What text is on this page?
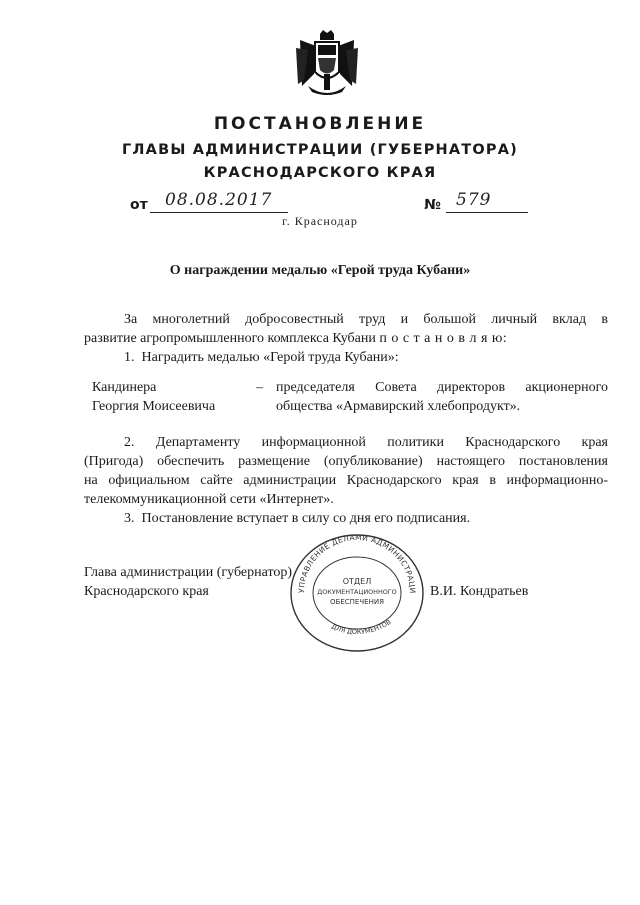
ПОСТАНОВЛЕНИЕ
ГЛАВЫ АДМИНИСТРАЦИИ (ГУБЕРНАТОРА)
КРАСНОДАРСКОГО КРАЯ
от 08.08.2017	№ 579
г. Краснодар
О награждении медалью «Герой труда Кубани»
За многолетний добросовестный труд и большой личный вклад в
развитие агропромышленного комплекса Кубани п о с т а н о в л я ю:
1.  Наградить медалью «Герой труда Кубани»:
Кандинера
Георгия Моисеевича
– председателя Совета директоров акционерного
общества «Армавирский хлебопродукт».
2. Департаменту информационной политики Краснодарского края
(Пригода) обеспечить размещение (опубликование) настоящего постановления
на официальном сайте администрации Краснодарского края в информационно-
телекоммуникационной сети «Интернет».
3.  Постановление вступает в силу со дня его подписания.
Глава администрации (губернатор)
Краснодарского края	В.И. Кондратьев
УПРАВЛЕНИЕ ДЕЛАМИ АДМИНИСТРАЦИ
ДЛЯ ДОКУМЕНТОВ
ОТДЕЛ
ДОКУМЕНТАЦИОННОГО
ОБЕСПЕЧЕНИЯ
